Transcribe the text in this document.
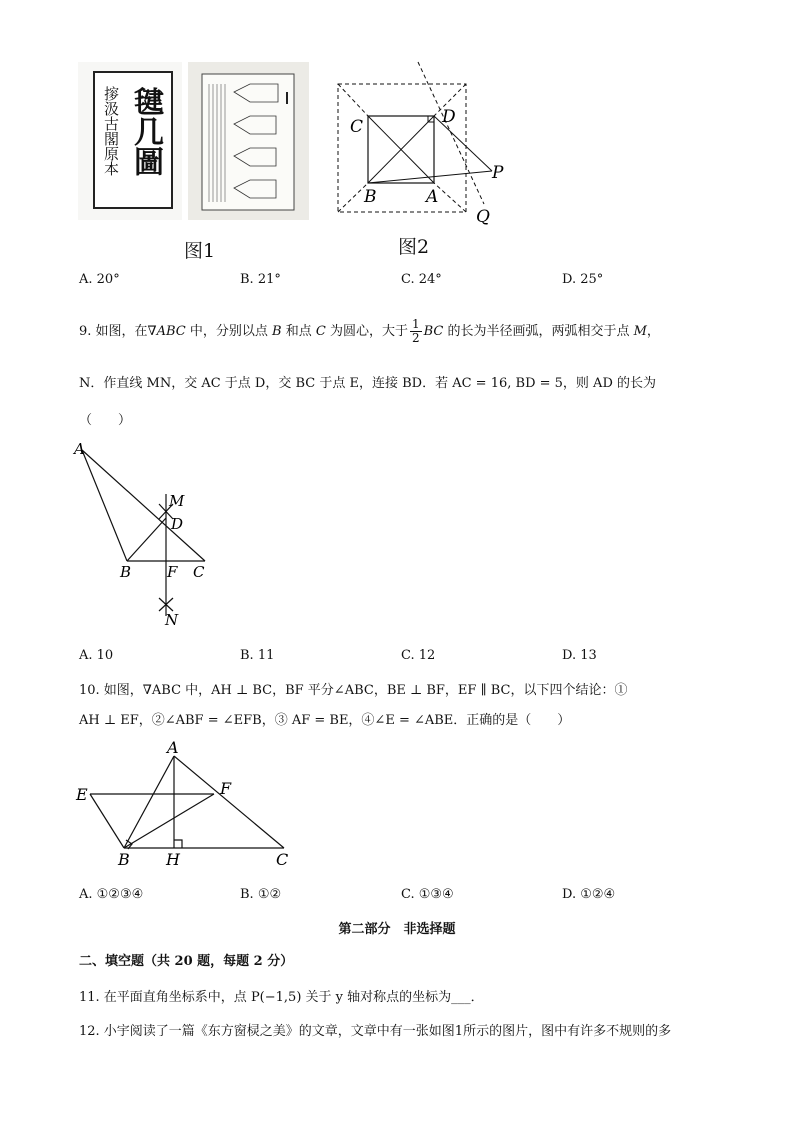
毽几圖
摉汲古閣原本
图1
C	D
B	A
P
Q
图2
A. 20°	B. 21°	C. 24°	D. 25°
9. 如图，在∇ABC 中，分别以点 B 和点 C 为圆心，大于 $\frac{1}{2}$ BC 的长为半径画弧，两弧相交于点 M，
N．作直线 MN，交 AC 于点 D，交 BC 于点 E，连接 BD．若 AC = 16, BD = 5，则 AD 的长为
（　　）
A
M
D
B F C
N
A. 10	B. 11	C. 12	D. 13
10. 如图，∇ABC 中，AH ⊥ BC，BF 平分∠ABC，BE ⊥ BF，EF ∥ BC，以下四个结论：①
AH ⊥ EF，②∠ABF = ∠EFB，③ AF = BE，④∠E = ∠ABE．正确的是（　　）
A
E	F
B H	C
A. ①②③④	B. ①②	C. ①③④	D. ①②④
第二部分　非选择题
二、填空题（共 20 题，每题 2 分）
11. 在平面直角坐标系中，点 P(−1,5) 关于 y 轴对称点的坐标为___．
12. 小宇阅读了一篇《东方窗棂之美》的文章，文章中有一张如图1所示的图片，图中有许多不规则的多
